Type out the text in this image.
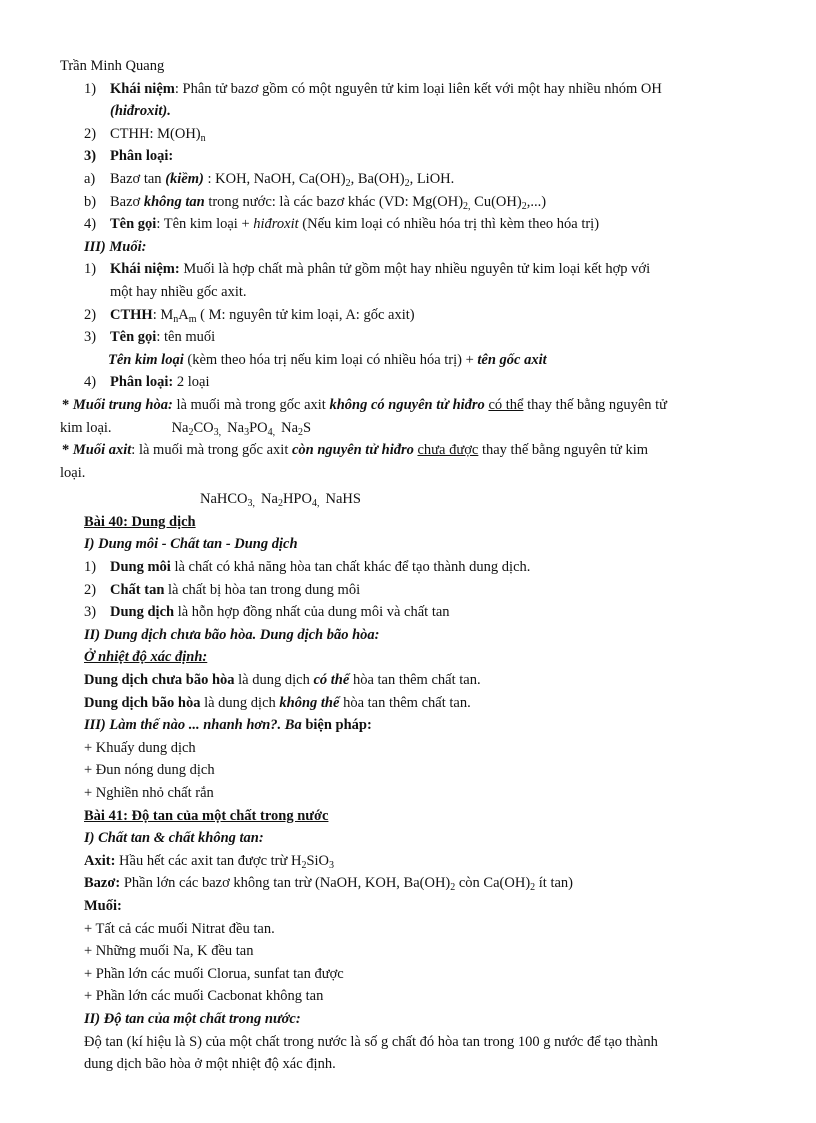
Trần Minh Quang
1) Khái niệm: Phân tử bazơ gồm có một nguyên tử kim loại liên kết với một hay nhiều nhóm OH
(hiđroxit).
2) CTHH: $M(OH)_n$
3) Phân loại:
a) Bazơ tan (kiềm) : KOH, NaOH, $Ca(OH)_2$, $Ba(OH)_2$, LiOH.
b) Bazơ không tan trong nước: là các bazơ khác (VD: $Mg(OH)_{2,}$ $Cu(OH)_2$,...)
4) Tên gọi: Tên kim loại + hiđroxit (Nếu kim loại có nhiều hóa trị thì kèm theo hóa trị)
III) Muối:
1) Khái niệm: Muối là hợp chất mà phân tử gồm một hay nhiều nguyên tử kim loại kết hợp với
một hay nhiều gốc axit.
2) CTHH: $M_nA_m$ ( M: nguyên tử kim loại, A: gốc axit)
3) Tên gọi: tên muối
Tên kim loại (kèm theo hóa trị nếu kim loại có nhiều hóa trị) + tên gốc axit
4) Phân loại: 2 loại
* Muối trung hòa: là muối mà trong gốc axit không có nguyên tử hiđro có thể thay thế bằng nguyên tử
kim loại.	$Na_2CO_{3,}$ $Na_3PO_{4,}$ $Na_2S$
* Muối axit: là muối mà trong gốc axit còn nguyên tử hiđro chưa được thay thế bằng nguyên tử kim
loại.
NaHCO$_{3,}$ $Na_2HPO_{4,}$ NaHS
Bài 40: Dung dịch
I) Dung môi - Chất tan - Dung dịch
1) Dung môi là chất có khả năng hòa tan chất khác để tạo thành dung dịch.
2) Chất tan là chất bị hòa tan trong dung môi
3) Dung dịch là hỗn hợp đồng nhất của dung môi và chất tan
II) Dung dịch chưa bão hòa. Dung dịch bão hòa:
Ở nhiệt độ xác định:
Dung dịch chưa bão hòa là dung dịch có thể hòa tan thêm chất tan.
Dung dịch bão hòa là dung dịch không thể hòa tan thêm chất tan.
III) Làm thế nào ... nhanh hơn?. Ba biện pháp:
+ Khuấy dung dịch
+ Đun nóng dung dịch
+ Nghiền nhỏ chất rắn
Bài 41: Độ tan của một chất trong nước
I) Chất tan & chất không tan:
Axit: Hầu hết các axit tan được trừ $H_2SiO_3$
Bazơ: Phần lớn các bazơ không tan trừ (NaOH, KOH, $Ba(OH)_2$ còn $Ca(OH)_2$ ít tan)
Muối:
+ Tất cả các muối Nitrat đều tan.
+ Những muối Na, K đều tan
+ Phần lớn các muối Clorua, sunfat tan được
+ Phần lớn các muối Cacbonat không tan
II) Độ tan của một chất trong nước:
Độ tan (kí hiệu là S) của một chất trong nước là số g chất đó hòa tan trong 100 g nước để tạo thành
dung dịch bão hòa ở một nhiệt độ xác định.
